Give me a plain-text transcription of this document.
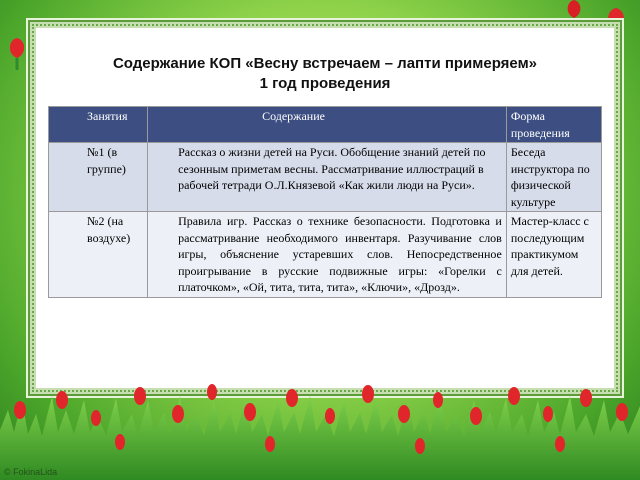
Содержание КОП «Весну встречаем – лапти примеряем»
1 год проведения
Занятия	Содержание	Форма проведения
№1 (в группе)	Рассказ о жизни детей на Руси. Обобщение знаний детей по сезонным приметам весны. Рассматривание иллюстраций в рабочей тетради О.Л.Князевой «Как жили люди на Руси».	Беседа инструктора по физической культуре
№2 (на воздухе)	Правила игр. Рассказ о технике безопасности. Подготовка и рассматривание необходимого инвентаря. Разучивание слов игры, объяснение устаревших слов. Непосредственное проигрывание в русские подвижные игры: «Горелки с платочком», «Ой, тита, тита, тита», «Ключи», «Дрозд».	Мастер-класс с последующим практикумом для детей.
© FokinaLida
